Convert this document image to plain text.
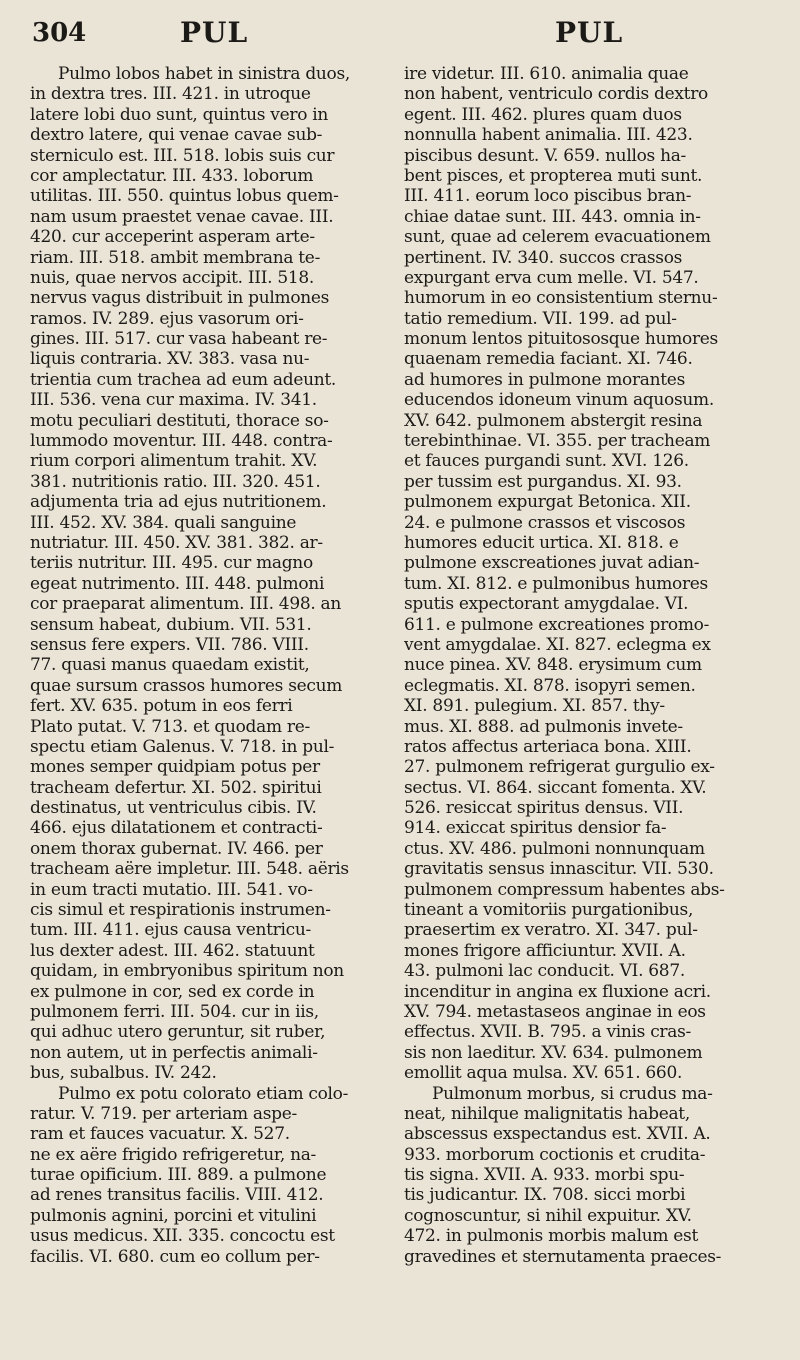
304	PUL	PUL
Pulmo lobos habet in sinistra duos,
in dextra tres. III. 421. in utroque
latere lobi duo sunt, quintus vero in
dextro latere, qui venae cavae sub-
sterniculo est. III. 518. lobis suis cur
cor amplectatur. III. 433. loborum
utilitas. III. 550. quintus lobus quem-
nam usum praestet venae cavae. III.
420. cur acceperint asperam arte-
riam. III. 518. ambit membrana te-
nuis, quae nervos accipit. III. 518.
nervus vagus distribuit in pulmones
ramos. IV. 289. ejus vasorum ori-
gines. III. 517. cur vasa habeant re-
liquis contraria. XV. 383. vasa nu-
trientia cum trachea ad eum adeunt.
III. 536. vena cur maxima. IV. 341.
motu peculiari destituti, thorace so-
lummodo moventur. III. 448. contra-
rium corpori alimentum trahit. XV.
381. nutritionis ratio. III. 320. 451.
adjumenta tria ad ejus nutritionem.
III. 452. XV. 384. quali sanguine
nutriatur. III. 450. XV. 381. 382. ar-
teriis nutritur. III. 495. cur magno
egeat nutrimento. III. 448. pulmoni
cor praeparat alimentum. III. 498. an
sensum habeat, dubium. VII. 531.
sensus fere expers. VII. 786. VIII.
77. quasi manus quaedam existit,
quae sursum crassos humores secum
fert. XV. 635. potum in eos ferri
Plato putat. V. 713. et quodam re-
spectu etiam Galenus. V. 718. in pul-
mones semper quidpiam potus per
tracheam defertur. XI. 502. spiritui
destinatus, ut ventriculus cibis. IV.
466. ejus dilatationem et contracti-
onem thorax gubernat. IV. 466. per
tracheam aëre impletur. III. 548. aëris
in eum tracti mutatio. III. 541. vo-
cis simul et respirationis instrumen-
tum. III. 411. ejus causa ventricu-
lus dexter adest. III. 462. statuunt
quidam, in embryonibus spiritum non
ex pulmone in cor, sed ex corde in
pulmonem ferri. III. 504. cur in iis,
qui adhuc utero geruntur, sit ruber,
non autem, ut in perfectis animali-
bus, subalbus. IV. 242.
Pulmo ex potu colorato etiam colo-
ratur. V. 719. per arteriam aspe-
ram et fauces vacuatur. X. 527.
ne ex aëre frigido refrigeretur, na-
turae opificium. III. 889. a pulmone
ad renes transitus facilis. VIII. 412.
pulmonis agnini, porcini et vitulini
usus medicus. XII. 335. concoctu est
facilis. VI. 680. cum eo collum per-
ire videtur. III. 610. animalia quae
non habent, ventriculo cordis dextro
egent. III. 462. plures quam duos
nonnulla habent animalia. III. 423.
piscibus desunt. V. 659. nullos ha-
bent pisces, et propterea muti sunt.
III. 411. eorum loco piscibus bran-
chiae datae sunt. III. 443. omnia in-
sunt, quae ad celerem evacuationem
pertinent. IV. 340. succos crassos
expurgant erva cum melle. VI. 547.
humorum in eo consistentium sternu-
tatio remedium. VII. 199. ad pul-
monum lentos pituitososque humores
quaenam remedia faciant. XI. 746.
ad humores in pulmone morantes
educendos idoneum vinum aquosum.
XV. 642. pulmonem abstergit resina
terebinthinae. VI. 355. per tracheam
et fauces purgandi sunt. XVI. 126.
per tussim est purgandus. XI. 93.
pulmonem expurgat Betonica. XII.
24. e pulmone crassos et viscosos
humores educit urtica. XI. 818. e
pulmone exscreationes juvat adian-
tum. XI. 812. e pulmonibus humores
sputis expectorant amygdalae. VI.
611. e pulmone excreationes promo-
vent amygdalae. XI. 827. eclegma ex
nuce pinea. XV. 848. erysimum cum
eclegmatis. XI. 878. isopyri semen.
XI. 891. pulegium. XI. 857. thy-
mus. XI. 888. ad pulmonis invete-
ratos affectus arteriaca bona. XIII.
27. pulmonem refrigerat gurgulio ex-
sectus. VI. 864. siccant fomenta. XV.
526. resiccat spiritus densus. VII.
914. exiccat spiritus densior fa-
ctus. XV. 486. pulmoni nonnunquam
gravitatis sensus innascitur. VII. 530.
pulmonem compressum habentes abs-
tineant a vomitoriis purgationibus,
praesertim ex veratro. XI. 347. pul-
mones frigore afficiuntur. XVII. A.
43. pulmoni lac conducit. VI. 687.
incenditur in angina ex fluxione acri.
XV. 794. metastaseos anginae in eos
effectus. XVII. B. 795. a vinis cras-
sis non laeditur. XV. 634. pulmonem
emollit aqua mulsa. XV. 651. 660.
Pulmonum morbus, si crudus ma-
neat, nihilque malignitatis habeat,
abscessus exspectandus est. XVII. A.
933. morborum coctionis et crudita-
tis signa. XVII. A. 933. morbi spu-
tis judicantur. IX. 708. sicci morbi
cognoscuntur, si nihil expuitur. XV.
472. in pulmonis morbis malum est
gravedines et sternutamenta praeces-
